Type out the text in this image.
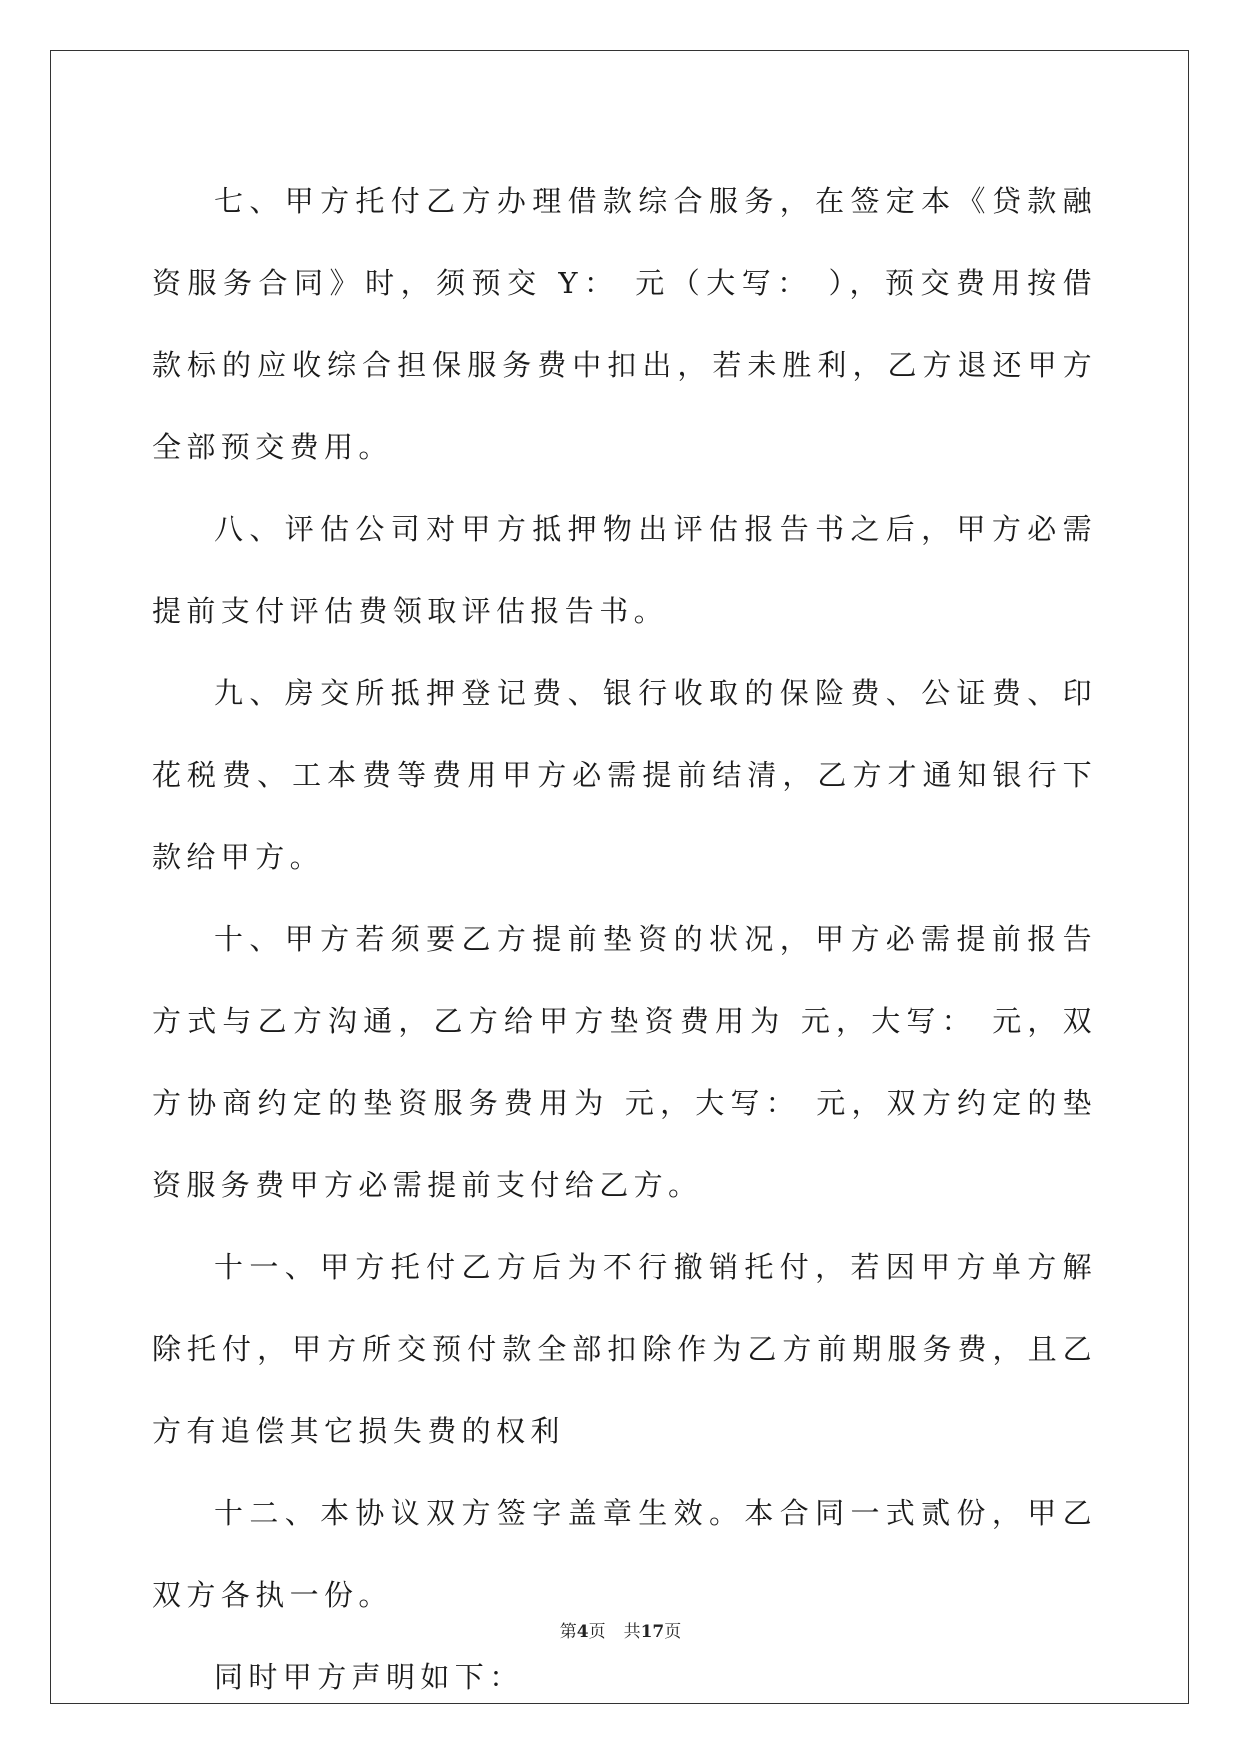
七、甲方托付乙方办理借款综合服务，在签定本《贷款融资服务合同》时，须预交 Y： 元（大写： ），预交费用按借款标的应收综合担保服务费中扣出，若未胜利，乙方退还甲方全部预交费用。

八、评估公司对甲方抵押物出评估报告书之后，甲方必需提前支付评估费领取评估报告书。

九、房交所抵押登记费、银行收取的保险费、公证费、印花税费、工本费等费用甲方必需提前结清，乙方才通知银行下款给甲方。

十、甲方若须要乙方提前垫资的状况，甲方必需提前报告方式与乙方沟通，乙方给甲方垫资费用为 元，大写： 元，双方协商约定的垫资服务费用为 元，大写： 元，双方约定的垫资服务费甲方必需提前支付给乙方。

十一、甲方托付乙方后为不行撤销托付，若因甲方单方解除托付，甲方所交预付款全部扣除作为乙方前期服务费，且乙方有追偿其它损失费的权利

十二、本协议双方签字盖章生效。本合同一式贰份，甲乙双方各执一份。

同时甲方声明如下：

第4页 共17页
